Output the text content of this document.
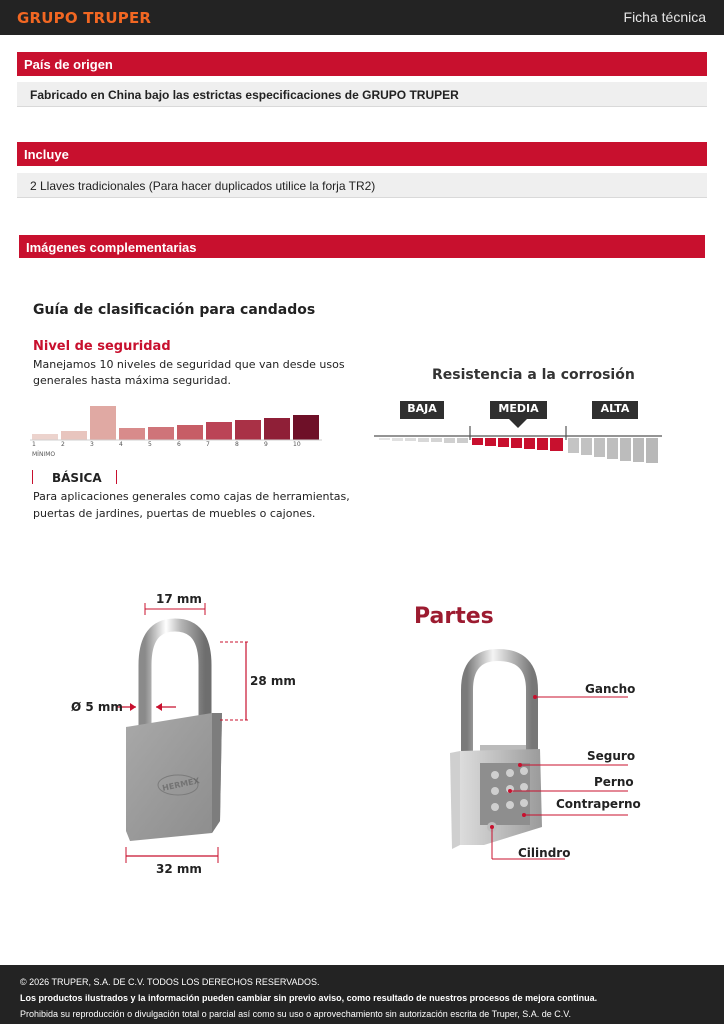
GRUPO TRUPER	Ficha técnica
País de origen
Fabricado en China bajo las estrictas especificaciones de GRUPO TRUPER
Incluye
2 Llaves tradicionales (Para hacer duplicados utilice la forja TR2)
Imágenes complementarias
Guía de clasificación para candados
Nivel de seguridad
Manejamos 10 niveles de seguridad que van desde usos
generales hasta máxima seguridad.
1	2	3	4	5	6	7	8	9	10
MÍNIMO
BÁSICA
Para aplicaciones generales como cajas de herramientas,
puertas de jardines, puertas de muebles o cajones.
Resistencia a la corrosión
BAJA	MEDIA	ALTA
HERMEX
17 mm
28 mm
Ø 5 mm
32 mm
Partes
Gancho
Seguro
Perno
Contraperno
Cilindro
© 2026 TRUPER, S.A. DE C.V. TODOS LOS DERECHOS RESERVADOS.
Los productos ilustrados y la información pueden cambiar sin previo aviso, como resultado de nuestros procesos de mejora continua.
Prohibida su reproducción o divulgación total o parcial así como su uso o aprovechamiento sin autorización escrita de Truper, S.A. de C.V.
